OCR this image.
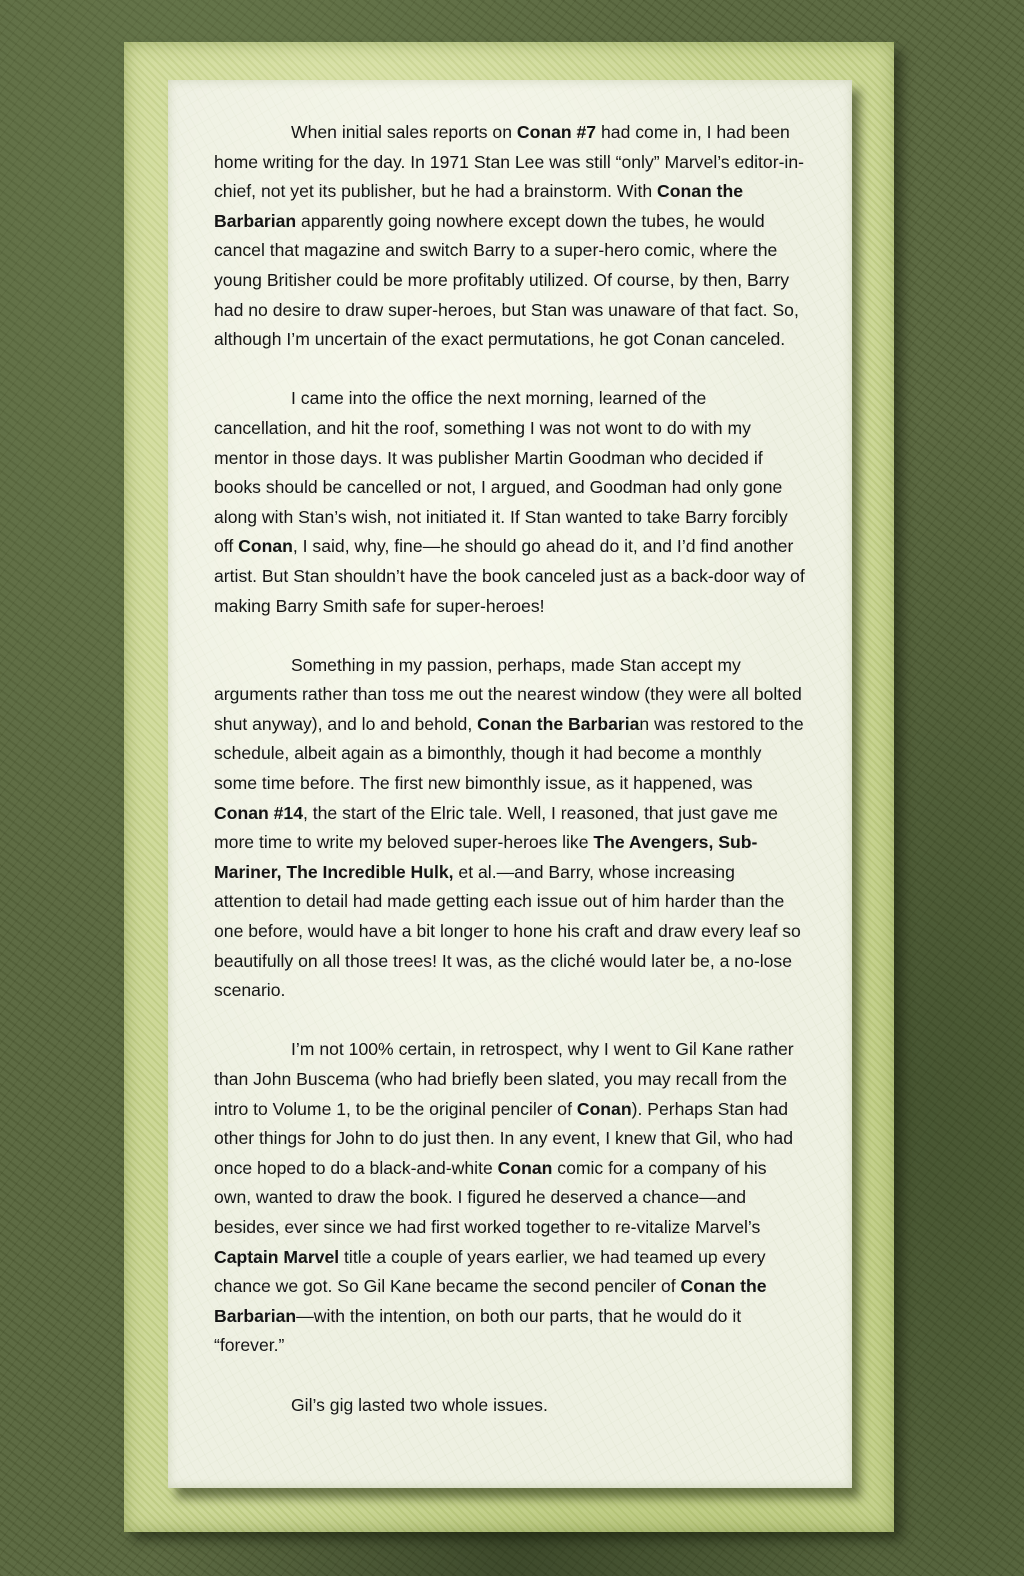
When initial sales reports on Conan #7 had come in, I had been home writing for the day. In 1971 Stan Lee was still “only” Marvel’s editor-in-chief, not yet its publisher, but he had a brainstorm. With Conan the Barbarian apparently going nowhere except down the tubes, he would cancel that magazine and switch Barry to a super-hero comic, where the young Britisher could be more profitably utilized. Of course, by then, Barry had no desire to draw super-heroes, but Stan was unaware of that fact. So, although I’m uncertain of the exact permutations, he got Conan canceled.

I came into the office the next morning, learned of the cancellation, and hit the roof, something I was not wont to do with my mentor in those days. It was publisher Martin Goodman who decided if books should be cancelled or not, I argued, and Goodman had only gone along with Stan’s wish, not initiated it. If Stan wanted to take Barry forcibly off Conan, I said, why, fine—he should go ahead do it, and I’d find another artist. But Stan shouldn’t have the book canceled just as a back-door way of making Barry Smith safe for super-heroes!

Something in my passion, perhaps, made Stan accept my arguments rather than toss me out the nearest window (they were all bolted shut anyway), and lo and behold, Conan the Barbarian was restored to the schedule, albeit again as a bimonthly, though it had become a monthly some time before. The first new bimonthly issue, as it happened, was Conan #14, the start of the Elric tale. Well, I reasoned, that just gave me more time to write my beloved super-heroes like The Avengers, Sub-Mariner, The Incredible Hulk, et al.—and Barry, whose increasing attention to detail had made getting each issue out of him harder than the one before, would have a bit longer to hone his craft and draw every leaf so beautifully on all those trees! It was, as the cliché would later be, a no-lose scenario.

I’m not 100% certain, in retrospect, why I went to Gil Kane rather than John Buscema (who had briefly been slated, you may recall from the intro to Volume 1, to be the original penciler of Conan). Perhaps Stan had other things for John to do just then. In any event, I knew that Gil, who had once hoped to do a black-and-white Conan comic for a company of his own, wanted to draw the book. I figured he deserved a chance—and besides, ever since we had first worked together to re-vitalize Marvel’s Captain Marvel title a couple of years earlier, we had teamed up every chance we got. So Gil Kane became the second penciler of Conan the Barbarian—with the intention, on both our parts, that he would do it “forever.”

Gil’s gig lasted two whole issues.
